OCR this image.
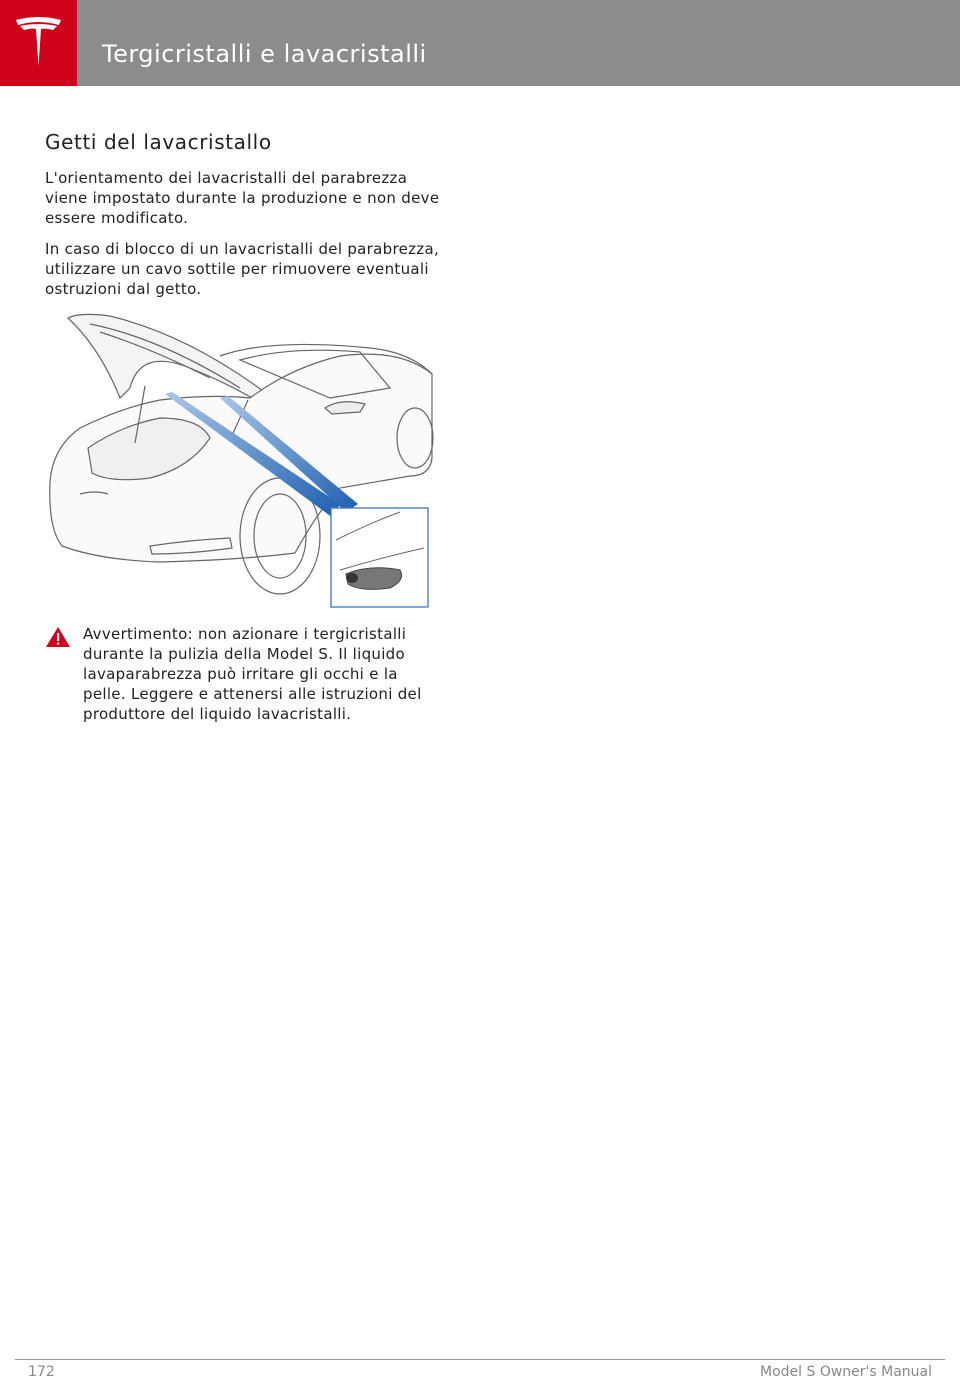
Tergicristalli e lavacristalli
Getti del lavacristallo

L'orientamento dei lavacristalli del parabrezza viene impostato durante la produzione e non deve essere modificato.

In caso di blocco di un lavacristalli del parabrezza, utilizzare un cavo sottile per rimuovere eventuali ostruzioni dal getto.

Avvertimento: non azionare i tergicristalli durante la pulizia della Model S. Il liquido lavaparabrezza può irritare gli occhi e la pelle. Leggere e attenersi alle istruzioni del produttore del liquido lavacristalli.

172	Model S Owner's Manual
